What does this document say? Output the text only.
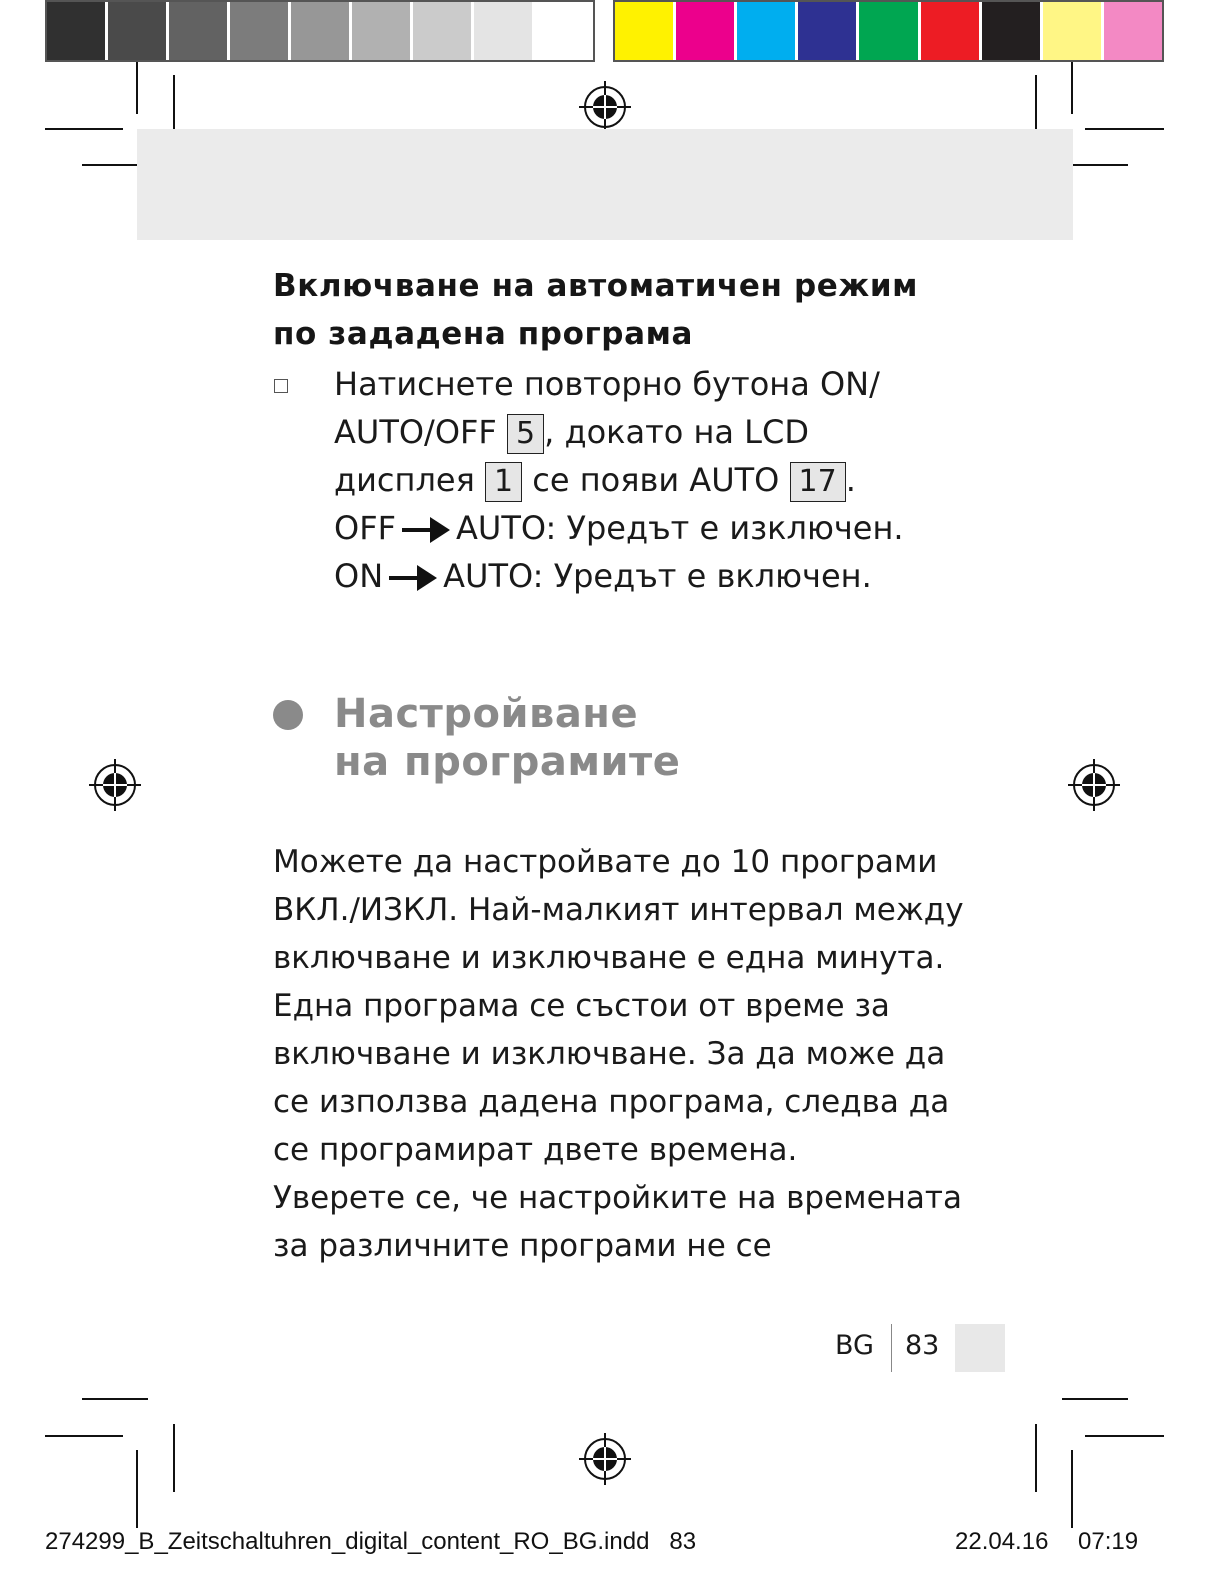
Включване на автоматичен режим
по зададена програма
Натиснете повторно бутона ON/
AUTO/OFF 5 , докато на LCD
дисплея 1 се появи AUTO 17 .
OFF AUTO: Уредът е изключен.
ON AUTO: Уредът е включен.
Настройване
на програмите
Можете да настройвате до 10 програми
ВКЛ./ИЗКЛ. Най-малкият интервал между
включване и изключване е една минута.
Една програма се състои от време за
включване и изключване. За да може да
се използва дадена програма, следва да
се програмират двете времена.
Уверете се, че настройките на времената
за различните програми не се
BG 83
274299_B_Zeitschaltuhren_digital_content_RO_BG.indd   83	22.04.16 07:19
